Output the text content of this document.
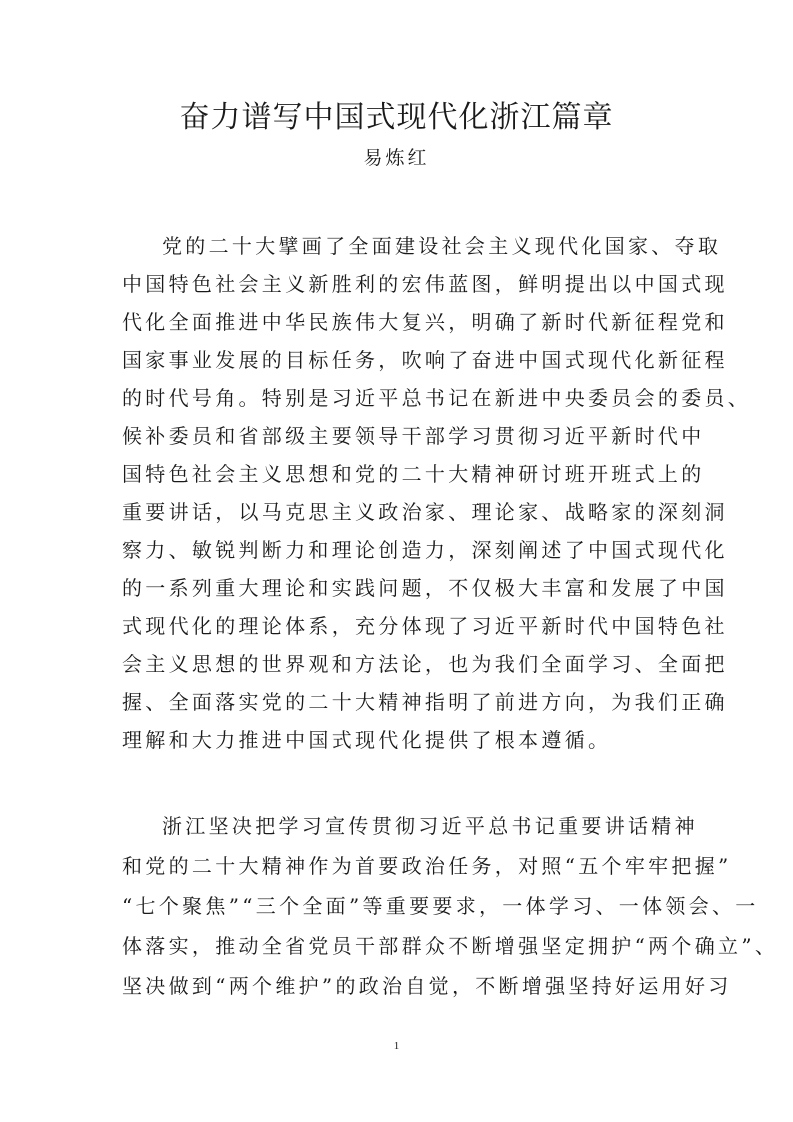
奋力谱写中国式现代化浙江篇章
易炼红
党的二十大擘画了全面建设社会主义现代化国家、夺取
中国特色社会主义新胜利的宏伟蓝图，鲜明提出以中国式现
代化全面推进中华民族伟大复兴，明确了新时代新征程党和
国家事业发展的目标任务，吹响了奋进中国式现代化新征程
的时代号角。特别是习近平总书记在新进中央委员会的委员、
候补委员和省部级主要领导干部学习贯彻习近平新时代中
国特色社会主义思想和党的二十大精神研讨班开班式上的
重要讲话，以马克思主义政治家、理论家、战略家的深刻洞
察力、敏锐判断力和理论创造力，深刻阐述了中国式现代化
的一系列重大理论和实践问题，不仅极大丰富和发展了中国
式现代化的理论体系，充分体现了习近平新时代中国特色社
会主义思想的世界观和方法论，也为我们全面学习、全面把
握、全面落实党的二十大精神指明了前进方向，为我们正确
理解和大力推进中国式现代化提供了根本遵循。
浙江坚决把学习宣传贯彻习近平总书记重要讲话精神
和党的二十大精神作为首要政治任务，对照“五个牢牢把握”
“七个聚焦”“三个全面”等重要要求，一体学习、一体领会、一
体落实，推动全省党员干部群众不断增强坚定拥护“两个确立”、
坚决做到“两个维护”的政治自觉，不断增强坚持好运用好习
1
